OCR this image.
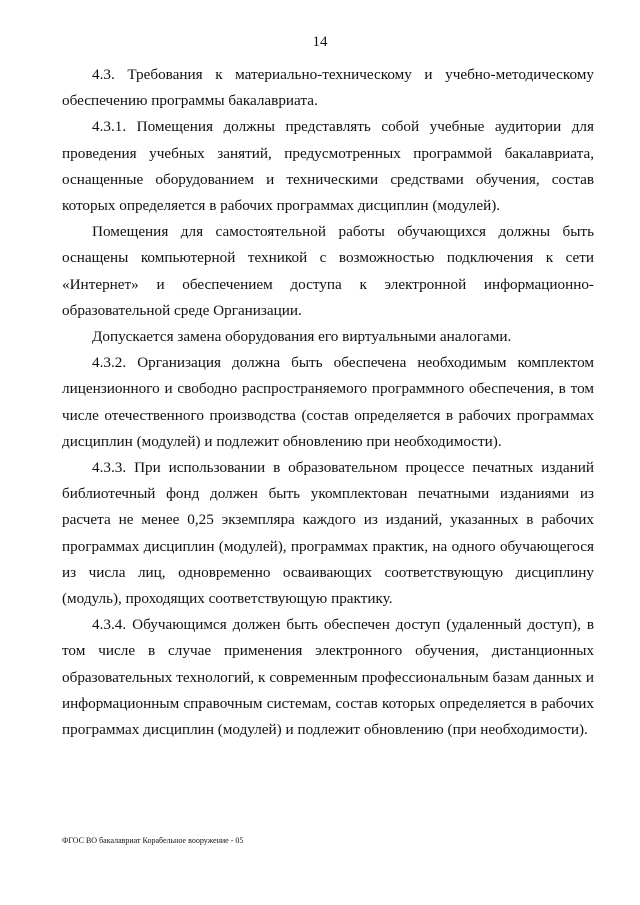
14

4.3. Требования к материально-техническому и учебно-методическому обеспечению программы бакалавриата.

4.3.1. Помещения должны представлять собой учебные аудитории для проведения учебных занятий, предусмотренных программой бакалавриата, оснащенные оборудованием и техническими средствами обучения, состав которых определяется в рабочих программах дисциплин (модулей).

Помещения для самостоятельной работы обучающихся должны быть оснащены компьютерной техникой с возможностью подключения к сети «Интернет» и обеспечением доступа к электронной информационно-образовательной среде Организации.

Допускается замена оборудования его виртуальными аналогами.

4.3.2. Организация должна быть обеспечена необходимым комплектом лицензионного и свободно распространяемого программного обеспечения, в том числе отечественного производства (состав определяется в рабочих программах дисциплин (модулей) и подлежит обновлению при необходимости).

4.3.3. При использовании в образовательном процессе печатных изданий библиотечный фонд должен быть укомплектован печатными изданиями из расчета не менее 0,25 экземпляра каждого из изданий, указанных в рабочих программах дисциплин (модулей), программах практик, на одного обучающегося из числа лиц, одновременно осваивающих соответствующую дисциплину (модуль), проходящих соответствующую практику.

4.3.4. Обучающимся должен быть обеспечен доступ (удаленный доступ), в том числе в случае применения электронного обучения, дистанционных образовательных технологий, к современным профессиональным базам данных и информационным справочным системам, состав которых определяется в рабочих программах дисциплин (модулей) и подлежит обновлению (при необходимости).

ФГОС ВО бакалавриат Корабельное вооружение - 05
